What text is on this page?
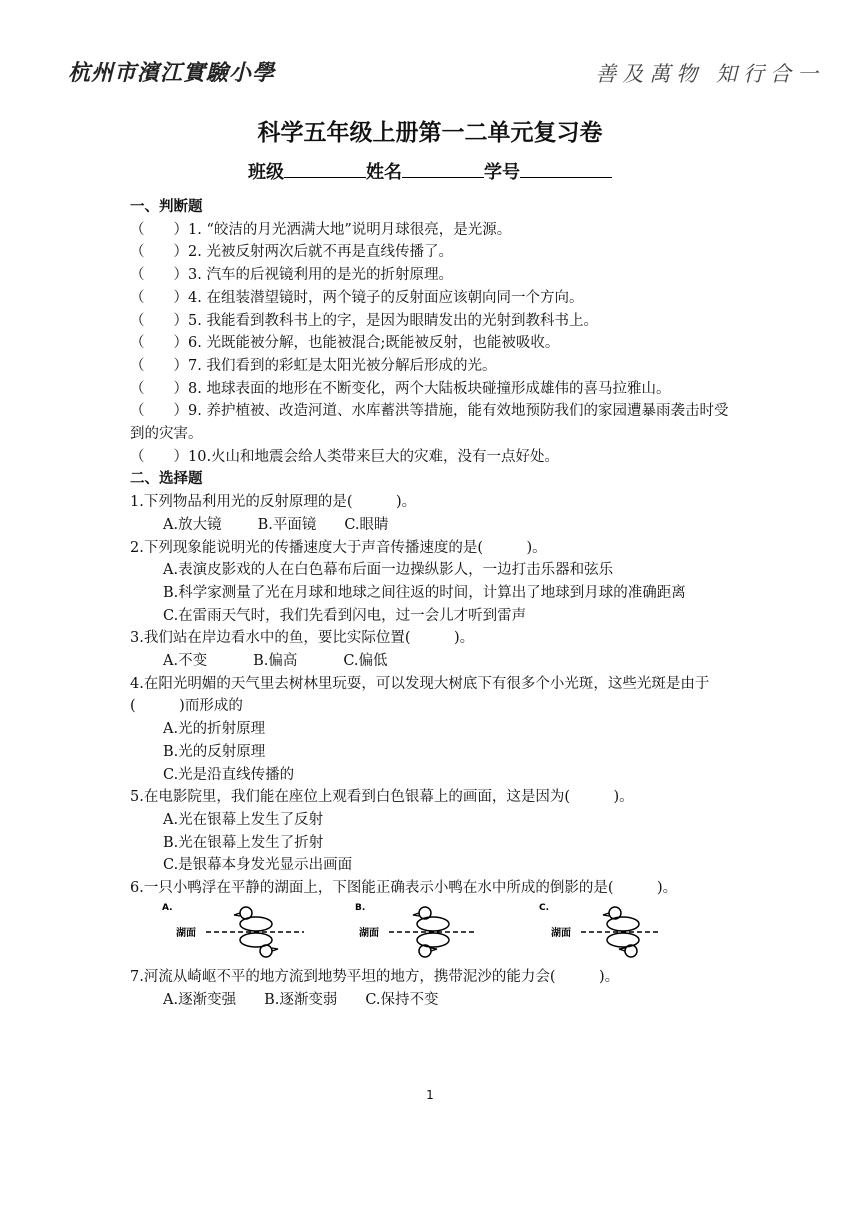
杭州市濱江實驗小學	善及萬物 知行合一
科学五年级上册第一二单元复习卷
班级	姓名	学号
一、判断题
（　　）1. “皎洁的月光洒满大地”说明月球很亮，是光源。
（　　）2. 光被反射两次后就不再是直线传播了。
（　　）3. 汽车的后视镜利用的是光的折射原理。
（　　）4. 在组装潜望镜时，两个镜子的反射面应该朝向同一个方向。
（　　）5. 我能看到教科书上的字，是因为眼睛发出的光射到教科书上。
（　　）6. 光既能被分解，也能被混合;既能被反射，也能被吸收。
（　　）7. 我们看到的彩虹是太阳光被分解后形成的光。
（　　）8. 地球表面的地形在不断变化，两个大陆板块碰撞形成雄伟的喜马拉雅山。
（　　）9. 养护植被、改造河道、水库蓄洪等措施，能有效地预防我们的家园遭暴雨袭击时受到的灾害。
（　　）10.火山和地震会给人类带来巨大的灾难，没有一点好处。
二、选择题
1.下列物品利用光的反射原理的是(　　　)。
A.放大镜 B.平面镜 C.眼睛
2.下列现象能说明光的传播速度大于声音传播速度的是(　　　)。
A.表演皮影戏的人在白色幕布后面一边操纵影人，一边打击乐器和弦乐
B.科学家测量了光在月球和地球之间往返的时间，计算出了地球到月球的准确距离
C.在雷雨天气时，我们先看到闪电，过一会儿才听到雷声
3.我们站在岸边看水中的鱼，要比实际位置(　　　)。
A.不变	B.偏高	C.偏低
4.在阳光明媚的天气里去树林里玩耍，可以发现大树底下有很多个小光斑，这些光斑是由于(　　　)而形成的
A.光的折射原理
B.光的反射原理
C.光是沿直线传播的
5.在电影院里，我们能在座位上观看到白色银幕上的画面，这是因为(　　　)。
A.光在银幕上发生了反射
B.光在银幕上发生了折射
C.是银幕本身发光显示出画面
6.一只小鸭浮在平静的湖面上，下图能正确表示小鸭在水中所成的倒影的是(　　　)。
A.
湖面
B.
湖面
C.
湖面
7.河流从崎岖不平的地方流到地势平坦的地方，携带泥沙的能力会(　　　)。
A.逐渐变强 B.逐渐变弱 C.保持不变
1
